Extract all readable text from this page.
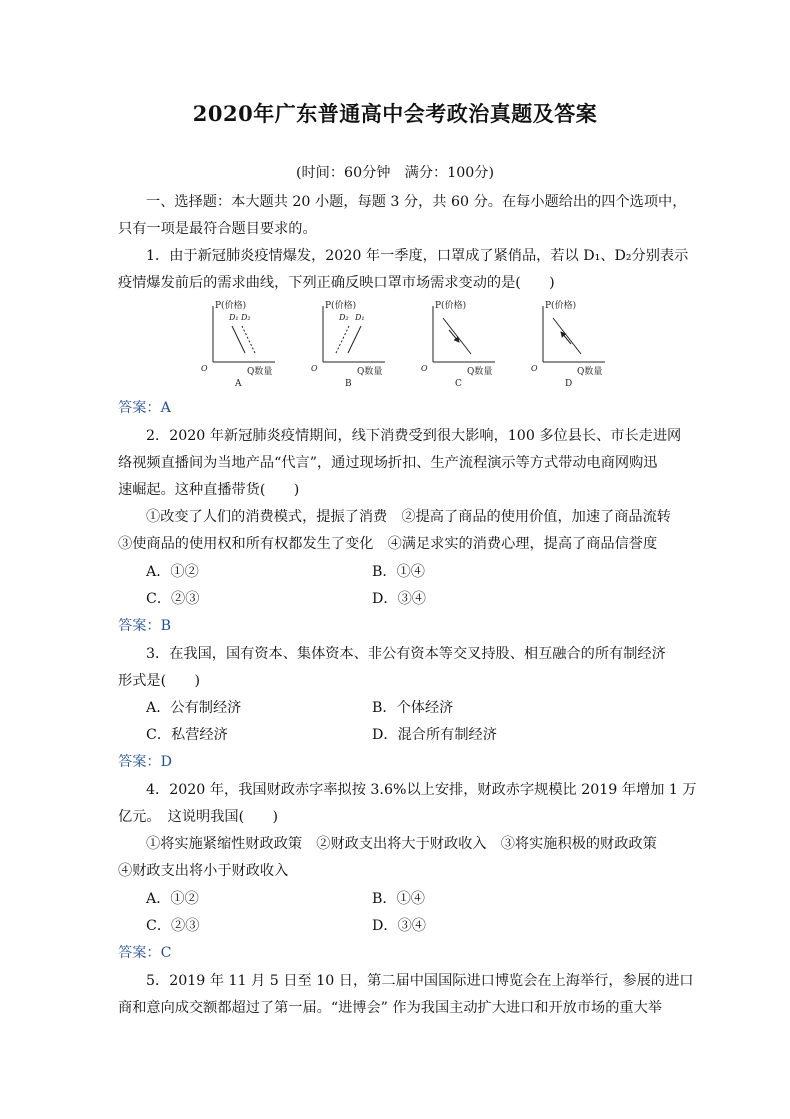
2020年广东普通高中会考政治真题及答案
(时间：60分钟　满分：100分)
一、选择题：本大题共 20 小题，每题 3 分，共 60 分。在每小题给出的四个选项中，
只有一项是最符合题目要求的。
1．由于新冠肺炎疫情爆发，2020 年一季度，口罩成了紧俏品，若以 D₁、D₂分别表示
疫情爆发前后的需求曲线，下列正确反映口罩市场需求变动的是(　　)
P(价格)
D₁ D₂
O	Q数量
A
P(价格)
D₂ D₁
O	Q数量
B
P(价格)
O	Q数量
C
P(价格)
O	Q数量
D
答案：A
2．2020 年新冠肺炎疫情期间，线下消费受到很大影响，100 多位县长、市长走进网
络视频直播间为当地产品“代言”，通过现场折扣、生产流程演示等方式带动电商网购迅
速崛起。这种直播带货(　　)
①改变了人们的消费模式，提振了消费　②提高了商品的使用价值，加速了商品流转
③使商品的使用权和所有权都发生了变化　④满足求实的消费心理，提高了商品信誉度
A．①②	B．①④
C．②③	D．③④
答案：B
3．在我国，国有资本、集体资本、非公有资本等交叉持股、相互融合的所有制经济
形式是(　　)
A．公有制经济	B．个体经济
C．私营经济	D．混合所有制经济
答案：D
4．2020 年，我国财政赤字率拟按 3.6%以上安排，财政赤字规模比 2019 年增加 1 万
亿元。　这说明我国(　　)
①将实施紧缩性财政政策　②财政支出将大于财政收入　③将实施积极的财政政策
④财政支出将小于财政收入
A．①②	B．①④
C．②③	D．③④
答案：C
5．2019 年 11 月 5 日至 10 日，第二届中国国际进口博览会在上海举行，参展的进口
商和意向成交额都超过了第一届。“进博会” 作为我国主动扩大进口和开放市场的重大举
